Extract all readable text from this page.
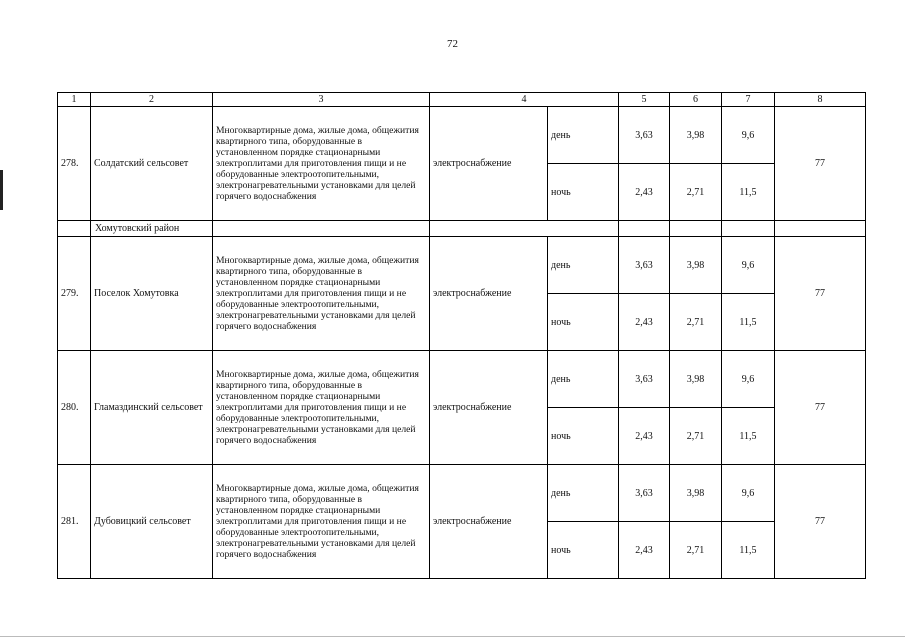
72
1	2	3	4		5	6	7	8
278.	Солдатский сельсовет	Многоквартирные дома, жилые дома, общежития квартирного типа, оборудованные в установленном порядке стационарными электроплитами для приготовления пищи и не оборудованные электроотопительными, электронагревательными установками для целей горячего водоснабжения	электроснабжение	день	3,63	3,98	9,6	77
				ночь	2,43	2,71	11,5	
	Хомутовский район							
279.	Поселок Хомутовка	Многоквартирные дома, жилые дома, общежития квартирного типа, оборудованные в установленном порядке стационарными электроплитами для приготовления пищи и не оборудованные электроотопительными, электронагревательными установками для целей горячего водоснабжения	электроснабжение	день	3,63	3,98	9,6	77
				ночь	2,43	2,71	11,5	
280.	Гламаздинский сельсовет	Многоквартирные дома, жилые дома, общежития квартирного типа, оборудованные в установленном порядке стационарными электроплитами для приготовления пищи и не оборудованные электроотопительными, электронагревательными установками для целей горячего водоснабжения	электроснабжение	день	3,63	3,98	9,6	77
				ночь	2,43	2,71	11,5	
281.	Дубовицкий сельсовет	Многоквартирные дома, жилые дома, общежития квартирного типа, оборудованные в установленном порядке стационарными электроплитами для приготовления пищи и не оборудованные электроотопительными, электронагревательными установками для целей горячего водоснабжения	электроснабжение	день	3,63	3,98	9,6	77
				ночь	2,43	2,71	11,5	
